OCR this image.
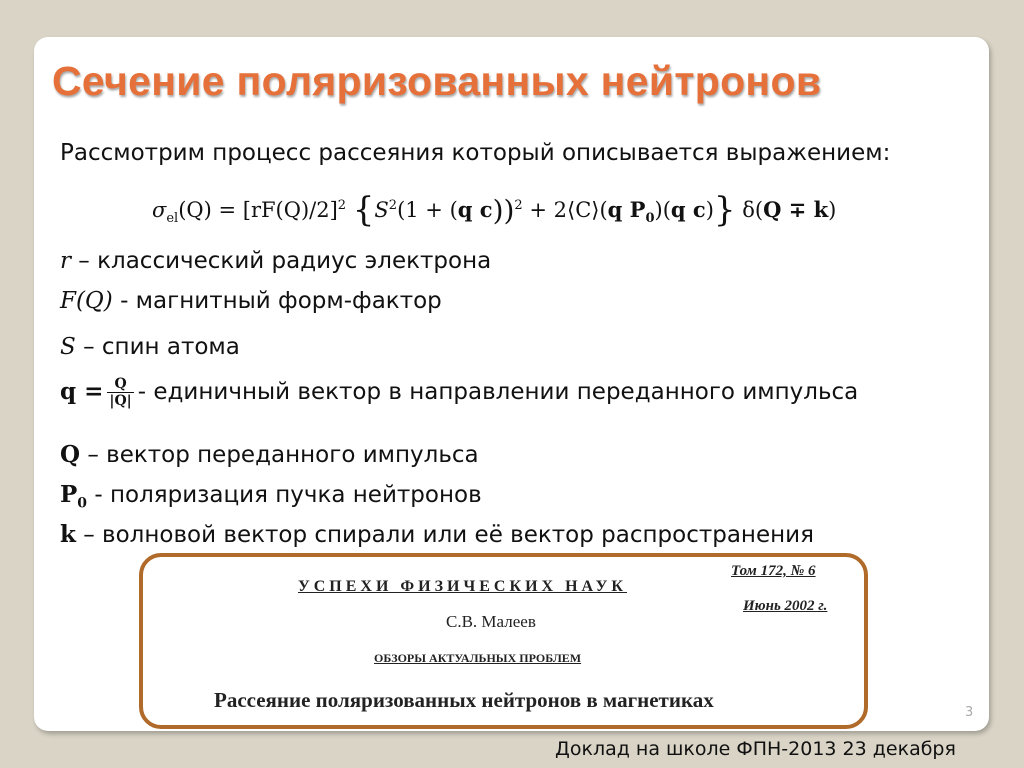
Сечение поляризованных нейтронов
Рассмотрим процесс рассеяния который описывается выражением:
$\sigma_{el}(Q) = [rF(Q)/2]^2$ {$S^2(1 + (q$ c))$^2$ + 2⟨C⟩(q $P_0)(q$ c)} δ(Q ∓ k)
r – классический радиус электрона
F(Q) - магнитный форм-фактор
S – спин атома
$q = \frac{Q}{|Q|}$ - единичный вектор в направлении переданного импульса
Q – вектор переданного импульса
$P_0$ - поляризация пучка нейтронов
k – волновой вектор спирали или её вектор распространения
УСПЕХИ ФИЗИЧЕСКИХ НАУК
Том 172, № 6
Июнь 2002 г.
С.В. Малеев
ОБЗОРЫ АКТУАЛЬНЫХ ПРОБЛЕМ
Рассеяние поляризованных нейтронов в магнетиках
3
Доклад на школе ФПН-2013 23 декабря
